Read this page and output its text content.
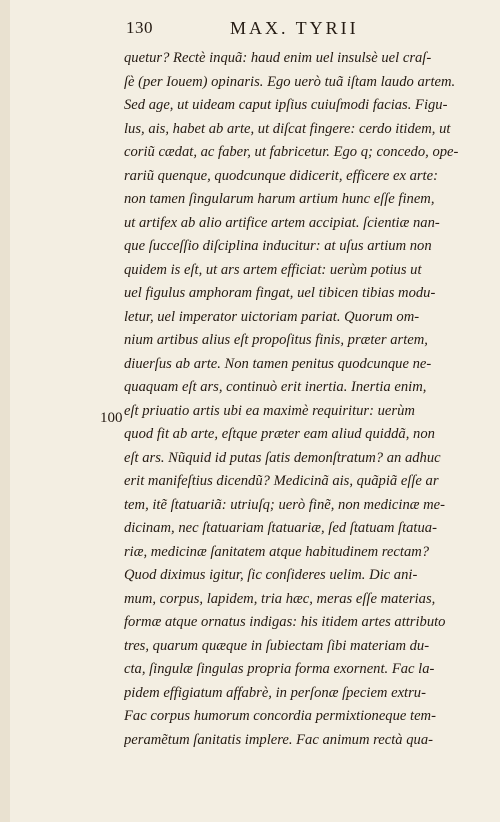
130	MAX. TYRII
100
quetur? Rectè inquã: haud enim uel insulsè uel craſ-
ſè (per Iouem) opinaris. Ego uerò tuã iſtam laudo artem.
Sed age, ut uideam caput ipſius cuiuſmodi facias. Figu-
lus, ais, habet ab arte, ut diſcat fingere: cerdo itidem, ut
coriũ cædat, ac faber, ut fabricetur. Ego q; concedo, ope-
rariũ quenque, quodcunque didicerit, efficere ex arte:
non tamen ſingularum harum artium hunc eſſe finem,
ut artifex ab alio artifice artem accipiat. ſcientiæ nan-
que ſucceſſio diſciplina inducitur: at uſus artium non
quidem is eſt, ut ars artem efficiat: uerùm potius ut
uel figulus amphoram fingat, uel tibicen tibias modu-
letur, uel imperator uictoriam pariat. Quorum om-
nium artibus alius eſt propoſitus finis, præter artem,
diuerſus ab arte. Non tamen penitus quodcunque ne-
quaquam eſt ars, continuò erit inertia. Inertia enim,
eſt priuatio artis ubi ea maximè requiritur: uerùm
quod fit ab arte, eſtque præter eam aliud quiddã, non
eſt ars. Nũquid id putas ſatis demonſtratum? an adhuc
erit manifeſtius dicendũ? Medicinã ais, quãpiã eſſe ar
tem, itẽ ſtatuariã: utriuſq; uerò finẽ, non medicinæ me-
dicinam, nec ſtatuariam ſtatuariæ, ſed ſtatuam ſtatua-
riæ, medicinæ ſanitatem atque habitudinem rectam?
Quod diximus igitur, ſic conſideres uelim. Dic ani-
mum, corpus, lapidem, tria hæc, meras eſſe materias,
formæ atque ornatus indigas: his itidem artes attributo
tres, quarum quæque in ſubiectam ſibi materiam du-
cta, ſingulæ ſingulas propria forma exornent. Fac la-
pidem effigiatum affabrè, in perſonæ ſpeciem extru-
Fac corpus humorum concordia permixtioneque tem-
peramẽtum ſanitatis implere. Fac animum rectà qua-
